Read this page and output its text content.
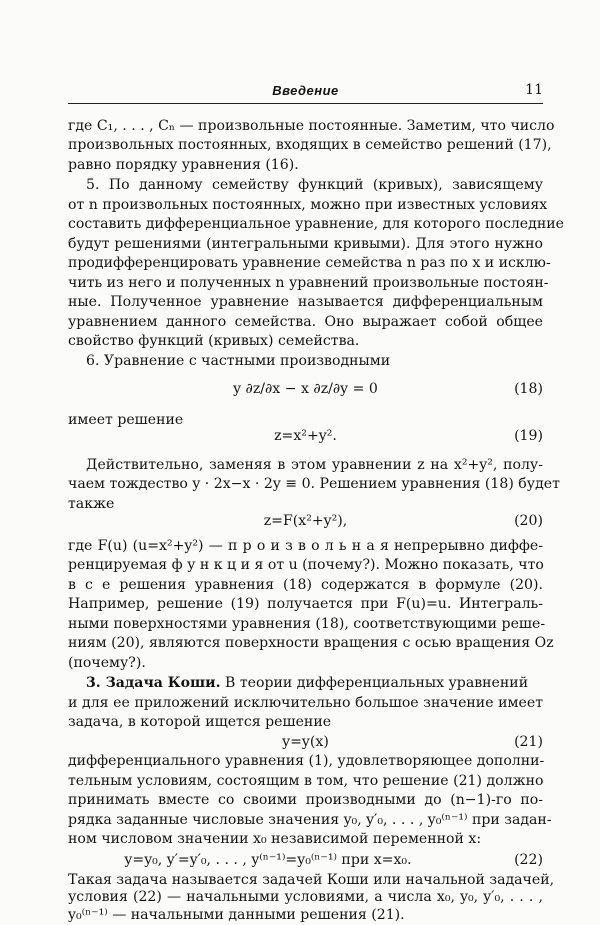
Введение	11
где C₁, . . . , Cₙ — произвольные постоянные. Заметим, что число
произвольных постоянных, входящих в семейство решений (17),
равно порядку уравнения (16).
5. По данному семейству функций (кривых), зависящему
от n произвольных постоянных, можно при известных условиях
составить дифференциальное уравнение, для которого последние
будут решениями (интегральными кривыми). Для этого нужно
продифференцировать уравнение семейства n раз по x и исклю-
чить из него и полученных n уравнений произвольные постоян-
ные. Полученное уравнение называется дифференциальным
уравнением данного семейства. Оно выражает собой общее
свойство функций (кривых) семейства.
6. Уравнение с частными производными
y ∂z/∂x − x ∂z/∂y = 0	(18)
имеет решение
z=x²+y².	(19)
Действительно, заменяя в этом уравнении z на x²+y², полу-
чаем тождество y · 2x−x · 2y ≡ 0. Решением уравнения (18) будет
также
z=F(x²+y²),	(20)
где F(u) (u=x²+y²) — п р о и з в о л ь н а я непрерывно диффе-
ренцируемая ф у н к ц и я от u (почему?). Можно показать, что
в с е решения уравнения (18) содержатся в формуле (20).
Например, решение (19) получается при F(u)=u. Интеграль-
ными поверхностями уравнения (18), соответствующими реше-
ниям (20), являются поверхности вращения с осью вращения Oz
(почему?).
3. Задача Коши. В теории дифференциальных уравнений
и для ее приложений исключительно большое значение имеет
задача, в которой ищется решение
y=y(x)	(21)
дифференциального уравнения (1), удовлетворяющее дополни-
тельным условиям, состоящим в том, что решение (21) должно
принимать вместе со своими производными до (n−1)-го по-
рядка заданные числовые значения y₀, y′₀, . . . , y₀⁽ⁿ⁻¹⁾ при задан-
ном числовом значении x₀ независимой переменной x:
y=y₀, y′=y′₀, . . . , y⁽ⁿ⁻¹⁾=y₀⁽ⁿ⁻¹⁾ при x=x₀.	(22)
Такая задача называется задачей Коши или начальной задачей,
условия (22) — начальными условиями, а числа x₀, y₀, y′₀, . . . ,
y₀⁽ⁿ⁻¹⁾ — начальными данными решения (21).
